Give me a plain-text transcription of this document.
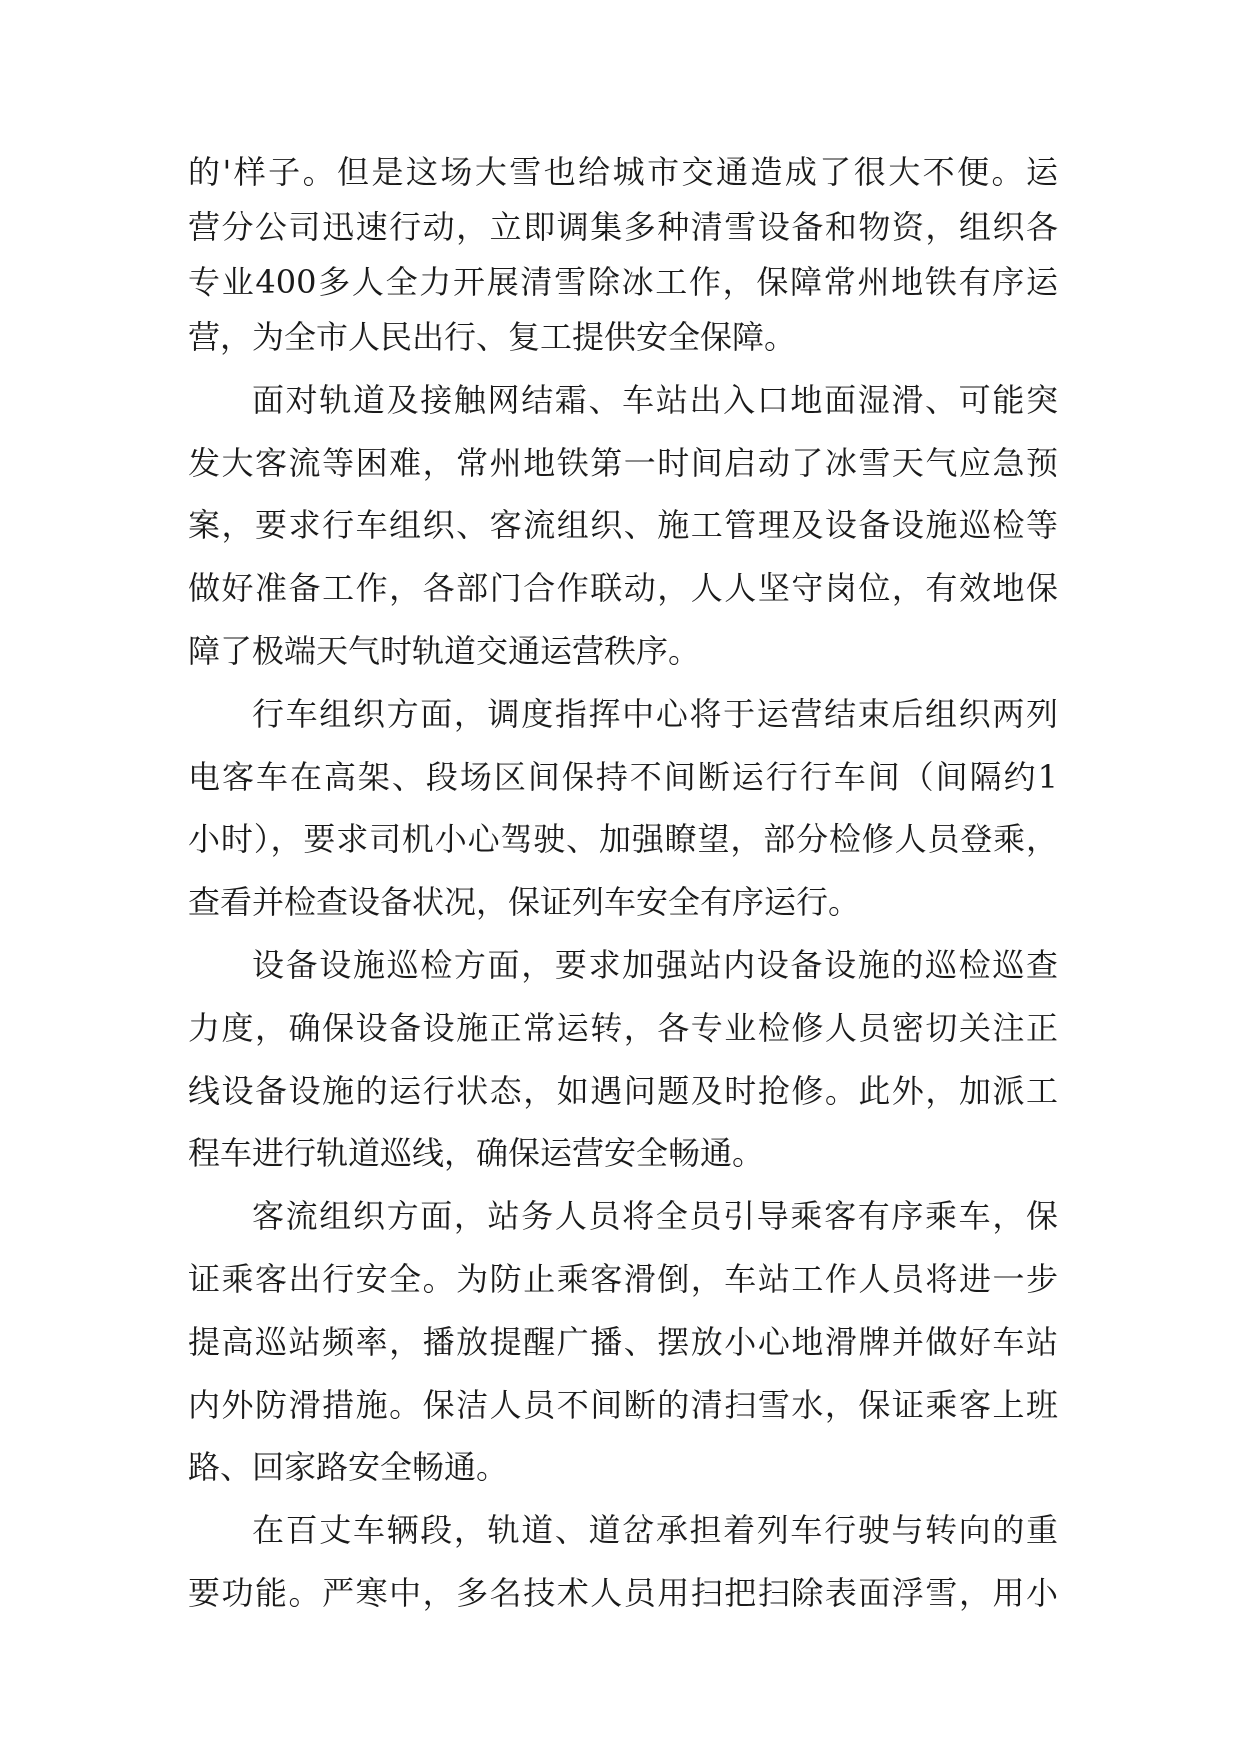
的'样子。但是这场大雪也给城市交通造成了很大不便。运
营分公司迅速行动，立即调集多种清雪设备和物资，组织各
专业400多人全力开展清雪除冰工作，保障常州地铁有序运
营，为全市人民出行、复工提供安全保障。
面对轨道及接触网结霜、车站出入口地面湿滑、可能突
发大客流等困难，常州地铁第一时间启动了冰雪天气应急预
案，要求行车组织、客流组织、施工管理及设备设施巡检等
做好准备工作，各部门合作联动，人人坚守岗位，有效地保
障了极端天气时轨道交通运营秩序。
行车组织方面，调度指挥中心将于运营结束后组织两列
电客车在高架、段场区间保持不间断运行行车间（间隔约1
小时），要求司机小心驾驶、加强瞭望，部分检修人员登乘，
查看并检查设备状况，保证列车安全有序运行。
设备设施巡检方面，要求加强站内设备设施的巡检巡查
力度，确保设备设施正常运转，各专业检修人员密切关注正
线设备设施的运行状态，如遇问题及时抢修。此外，加派工
程车进行轨道巡线，确保运营安全畅通。
客流组织方面，站务人员将全员引导乘客有序乘车，保
证乘客出行安全。为防止乘客滑倒，车站工作人员将进一步
提高巡站频率，播放提醒广播、摆放小心地滑牌并做好车站
内外防滑措施。保洁人员不间断的清扫雪水，保证乘客上班
路、回家路安全畅通。
在百丈车辆段，轨道、道岔承担着列车行驶与转向的重
要功能。严寒中，多名技术人员用扫把扫除表面浮雪，用小
